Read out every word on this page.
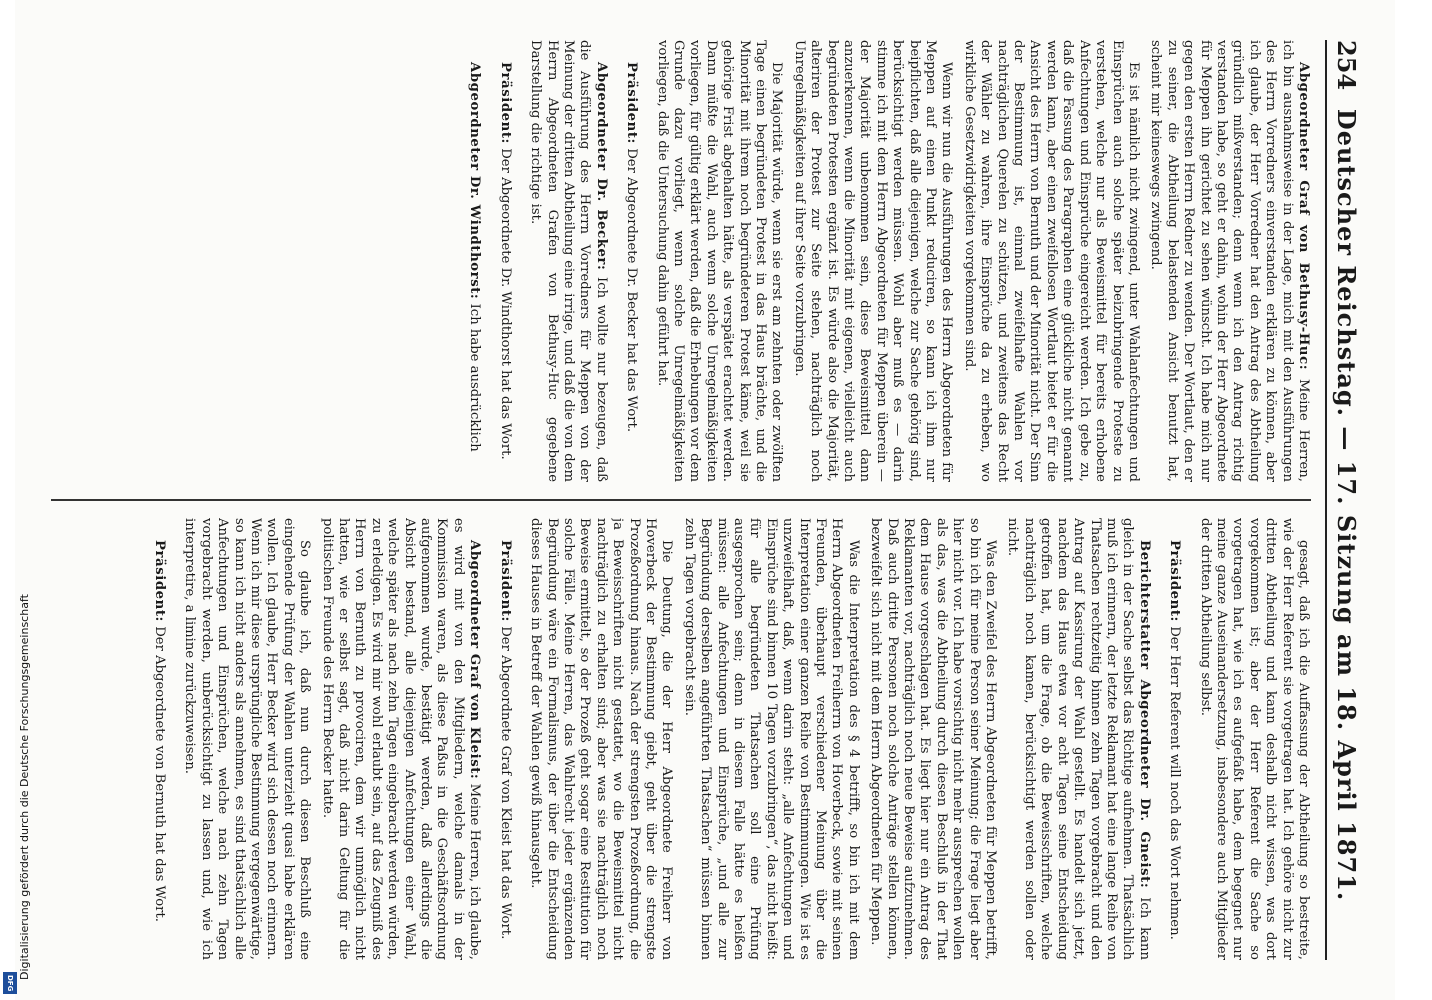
254
Deutscher Reichstag. — 17. Sitzung am 18. April 1871.

Abgeordneter Graf von Bethusy-Huc: Meine Herren, ich bin ausnahmsweise in der Lage, mich mit den Ausführungen des Herrn Vorredners einverstanden erklären zu können, aber ich glaube, der Herr Vorredner hat den Antrag des Abtheilung gründlich mißverstanden; denn wenn ich den Antrag richtig verstanden habe, so geht er dahin, wohin der Herr Abgeordnete für Meppen ihn gerichtet zu sehen wünscht. Ich habe mich nur gegen den ersten Herrn Redner zu wenden. Der Wortlaut, den er zu seiner, die Abtheilung belastenden Ansicht benutzt hat, scheint mir keineswegs zwingend.

Es ist nämlich nicht zwingend, unter Wahlanfechtungen und Einsprüchen auch solche später beizubringende Proteste zu verstehen, welche nur als Beweismittel für bereits erhobene Anfechtungen und Einsprüche eingereicht werden. Ich gebe zu, daß die Fassung des Paragraphen eine glückliche nicht genannt werden kann, aber einen zweifellosen Wortlaut bietet er für die Ansicht des Herrn von Bernuth und der Minorität nicht. Der Sinn der Bestimmung ist, einmal zweifelhafte Wahlen vor nachträglichen Querelen zu schützen, und zweitens das Recht der Wähler zu wahren, ihre Einsprüche da zu erheben, wo wirkliche Gesetzwidrigkeiten vorgekommen sind.

Wenn wir nun die Ausführungen des Herrn Abgeordneten für Meppen auf einen Punkt reduciren, so kann ich ihm nur beipflichten, daß alle diejenigen, welche zur Sache gehörig sind, berücksichtigt werden müssen. Wohl aber muß es — darin stimme ich mit dem Herrn Abgeordneten für Meppen überein — der Majorität unbenommen sein, diese Beweismittel dann anzuerkennen, wenn die Minorität mit eigenen, vielleicht auch begründeten Protesten ergänzt ist. Es würde also die Majorität, alteriren der Protest zur Seite stehen, nachträglich noch Unregelmäßigkeiten auf ihrer Seite vorzubringen.

Die Majorität würde, wenn sie erst am zehnten oder zwölften Tage einen begründeten Protest in das Haus brächte, und die Minorität mit ihrem noch begründeteren Protest käme, weil sie gehörige Frist abgehalten hätte, als verspätet erachtet werden. Dann müßte die Wahl, auch wenn solche Unregelmäßigkeiten vorliegen, für gültig erklärt werden, daß die Erhebungen vor dem Grunde dazu vorliegt, wenn solche Unregelmäßigkeiten vorliegen, daß die Untersuchung dahin geführt hat.

Präsident: Der Abgeordnete Dr. Becker hat das Wort.

Abgeordneter Dr. Becker: Ich wollte nur bezeugen, daß die Ausführung des Herrn Vorredners für Meppen von der Meinung der dritten Abtheilung eine irrige, und daß die von dem Herrn Abgeordneten Grafen von Bethusy-Huc gegebene Darstellung die richtige ist.

Präsident: Der Abgeordnete Dr. Windthorst hat das Wort.

Abgeordneter Dr. Windthorst: Ich habe ausdrücklich

gesagt, daß ich die Auffassung der Abtheilung so bestreite, wie der Herr Referent sie vorgetragen hat. Ich gehöre nicht zur dritten Abtheilung und kann deshalb nicht wissen, was dort vorgekommen ist; aber der Herr Referent die Sache so vorgetragen hat, wie ich es aufgefaßt habe, dem begegnet nur meine ganze Auseinandersetzung, insbesondere auch Mitglieder der dritten Abtheilung selbst.

Präsident: Der Herr Referent will noch das Wort nehmen.

Berichterstatter Abgeordneter Dr. Gneist: Ich kann gleich in der Sache selbst das Richtige aufnehmen. Thatsächlich muß ich erinnern, der letzte Reklamant hat eine lange Reihe von Thatsachen rechtzeitig binnen zehn Tagen vorgebracht und den Antrag auf Kassirung der Wahl gestellt. Es handelt sich jetzt, nachdem das Haus etwa vor acht Tagen seine Entscheidung getroffen hat, um die Frage, ob die Beweisschriften, welche nachträglich noch kamen, berücksichtigt werden sollen oder nicht.

Was den Zweifel des Herrn Abgeordneten für Meppen betrifft, so bin ich für meine Person seiner Meinung; die Frage liegt aber hier nicht vor. Ich habe vorsichtig nicht mehr aussprechen wollen als das, was die Abtheilung durch diesen Beschluß in der That dem Hause vorgeschlagen hat. Es liegt hier nur ein Antrag des Reklamanten vor, nachträglich noch neue Beweise aufzunehmen. Daß auch dritte Personen noch solche Anträge stellen können, bezweifelt sich nicht mit dem Herrn Abgeordneten für Meppen.

Was die Interpretation des § 4 betrifft, so bin ich mit dem Herrn Abgeordneten Freiherrn von Hoverbeck, sowie mit seinen Freunden, überhaupt verschiedener Meinung über die Interpretation einer ganzen Reihe von Bestimmungen. Wie ist es unzweifelhaft, daß, wenn darin steht: „alle Anfechtungen und Einsprüche sind binnen 10 Tagen vorzubringen“, das nicht heißt: für alle begründeten Thatsachen soll eine Prüfung ausgesprochen sein; denn in diesem Falle hätte es heißen müssen: alle Anfechtungen und Einsprüche, „und alle zur Begründung derselben angeführten Thatsachen“ müssen binnen zehn Tagen vorgebracht sein.

Die Deutung, die der Herr Abgeordnete Freiherr von Hoverbeck der Bestimmung giebt, geht über die strengste Prozeßordnung hinaus. Nach der strengsten Prozeßordnung, die ja Beweisschriften nicht gestattet, wo die Beweismittel nicht nachträglich zu erhalten sind; aber was sie nachträglich noch Beweise ermittelt, so der Prozeß geht sogar eine Restitution für solche Fälle. Meine Herren, das Wahlrecht jeder ergänzenden Begründung wäre ein Formalismus, der über die Entscheidung dieses Hauses in Betreff der Wahlen gewiß hinausgeht.

Präsident: Der Abgeordnete Graf von Kleist hat das Wort.

Abgeordneter Graf von Kleist: Meine Herren, ich glaube, es wird mit von den Mitgliedern, welche damals in der Kommission waren, als diese Paßus in die Geschäftsordnung aufgenommen wurde, bestätigt werden, daß allerdings die Absicht bestand, alle diejenigen Anfechtungen einer Wahl, welche später als nach zehn Tagen eingebracht werden würden, zu erledigen. Es wird mir wohl erlaubt sein, auf das Zeugniß des Herrn von Bernuth zu provociren, dem wir unmöglich nicht hatten, wie er selbst sagt, daß nicht darin Geltung für die politischen Freunde des Herrn Becker hatte.

So glaube ich, daß nun durch diesen Beschluß eine eingehende Prüfung der Wahlen unterzieht quasi habe erklären wollen. Ich glaube, Herr Becker wird sich dessen noch erinnern. Wenn ich mir diese ursprüngliche Bestimmung vergegenwärtige, so kann ich nicht anders als annehmen, es sind thatsächlich alle Anfechtungen und Einsprüchen, welche nach zehn Tagen vorgebracht werden, unberücksichtigt zu lassen und, wie ich interpretire, a limine zurückzuweisen.

Präsident: Der Abgeordnete von Bernuth hat das Wort.

Digitalisierung gefördert durch die Deutsche Forschungsgemeinschaft
DFG
